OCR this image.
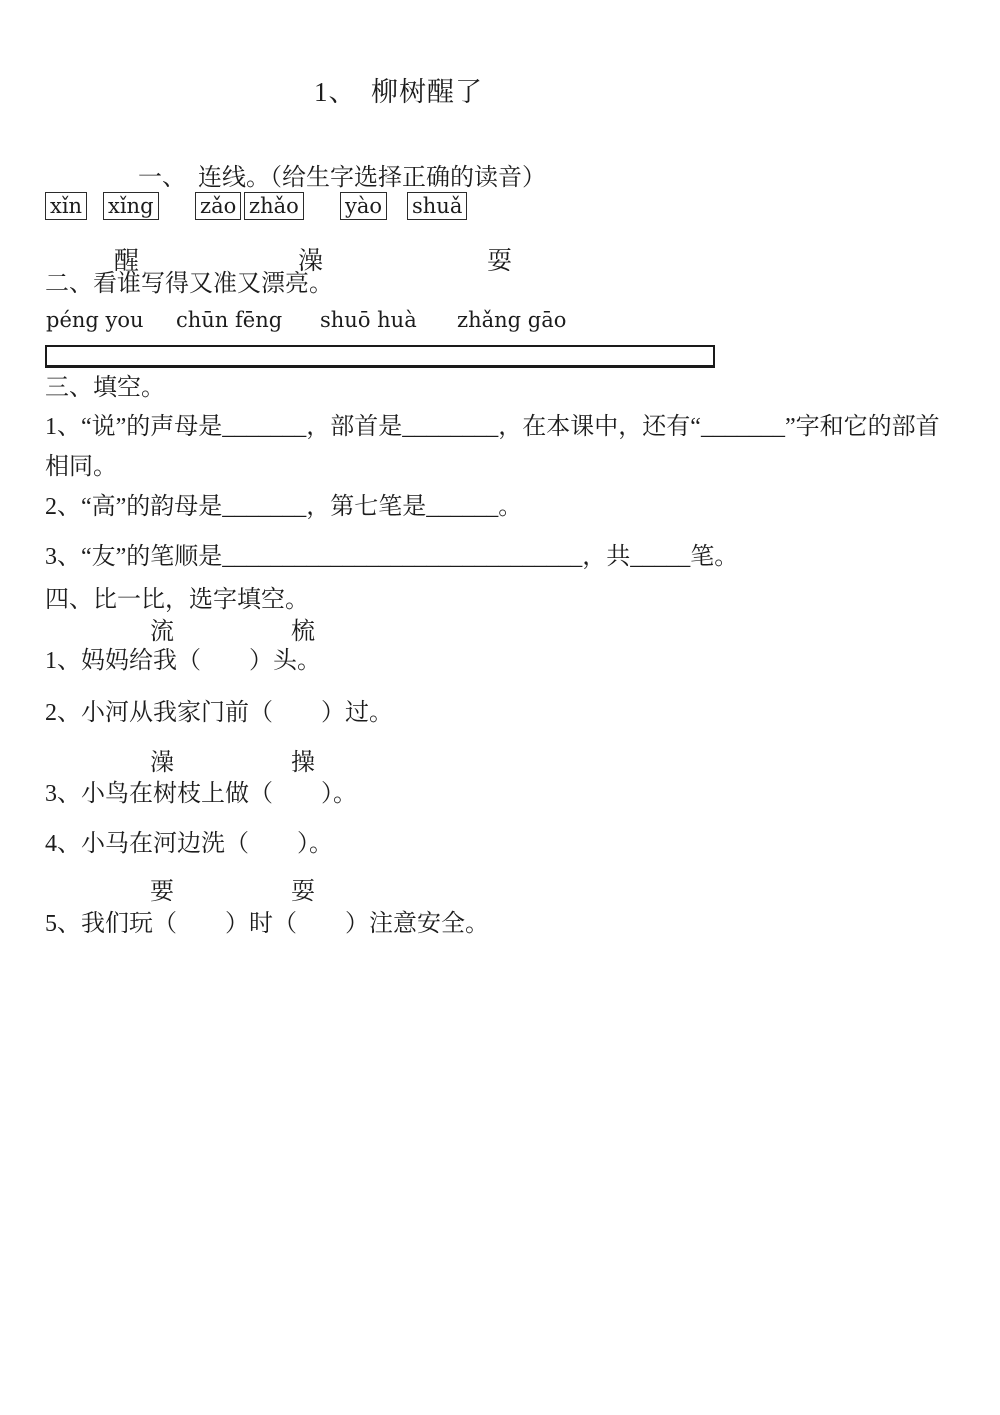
1、　柳树醒了
一、　连线。（给生字选择正确的读音）
xǐn xǐng zǎo zhǎo yào shuǎ
醒	澡	耍
二、看谁写得又准又漂亮。
péng you chūn fēng shuō huà zhǎng gāo
三、填空。
1、“说”的声母是_______，部首是________，在本课中，还有“_______”字和它的部首
相同。
2、“高”的韵母是_______，第七笔是______。
3、“友”的笔顺是______________________________，共_____笔。
四、比一比，选字填空。
流	梳
1、妈妈给我（　　）头。
2、小河从我家门前（　　）过。
澡	操
3、小鸟在树枝上做（　　）。
4、小马在河边洗（　　）。
要	耍
5、我们玩（　　）时（　　）注意安全。
